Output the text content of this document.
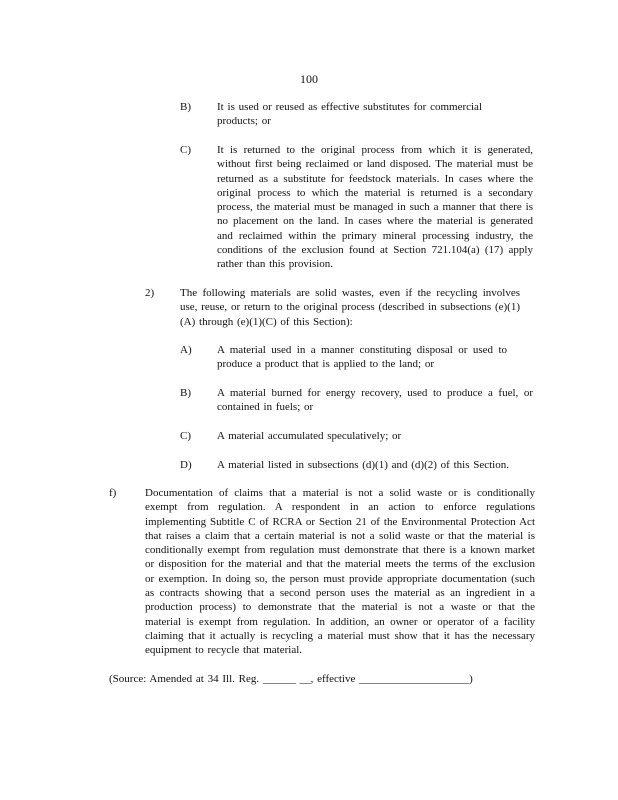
100
B) It is used or reused as effective substitutes for commercial products; or
C) It is returned to the original process from which it is generated, without first being reclaimed or land disposed. The material must be returned as a substitute for feedstock materials. In cases where the original process to which the material is returned is a secondary process, the material must be managed in such a manner that there is no placement on the land. In cases where the material is generated and reclaimed within the primary mineral processing industry, the conditions of the exclusion found at Section 721.104(a) (17) apply rather than this provision.
2) The following materials are solid wastes, even if the recycling involves use, reuse, or return to the original process (described in subsections (e)(1)(A) through (e)(1)(C) of this Section):
A) A material used in a manner constituting disposal or used to produce a product that is applied to the land; or
B) A material burned for energy recovery, used to produce a fuel, or contained in fuels; or
C) A material accumulated speculatively; or
D) A material listed in subsections (d)(1) and (d)(2) of this Section.
f)	Documentation of claims that a material is not a solid waste or is conditionally exempt from regulation. A respondent in an action to enforce regulations implementing Subtitle C of RCRA or Section 21 of the Environmental Protection Act that raises a claim that a certain material is not a solid waste or that the material is conditionally exempt from regulation must demonstrate that there is a known market or disposition for the material and that the material meets the terms of the exclusion or exemption. In doing so, the person must provide appropriate documentation (such as contracts showing that a second person uses the material as an ingredient in a production process) to demonstrate that the material is not a waste or that the material is exempt from regulation. In addition, an owner or operator of a facility claiming that it actually is recycling a material must show that it has the necessary equipment to recycle that material.
(Source: Amended at 34 Ill. Reg. ______ __, effective ____________________)
